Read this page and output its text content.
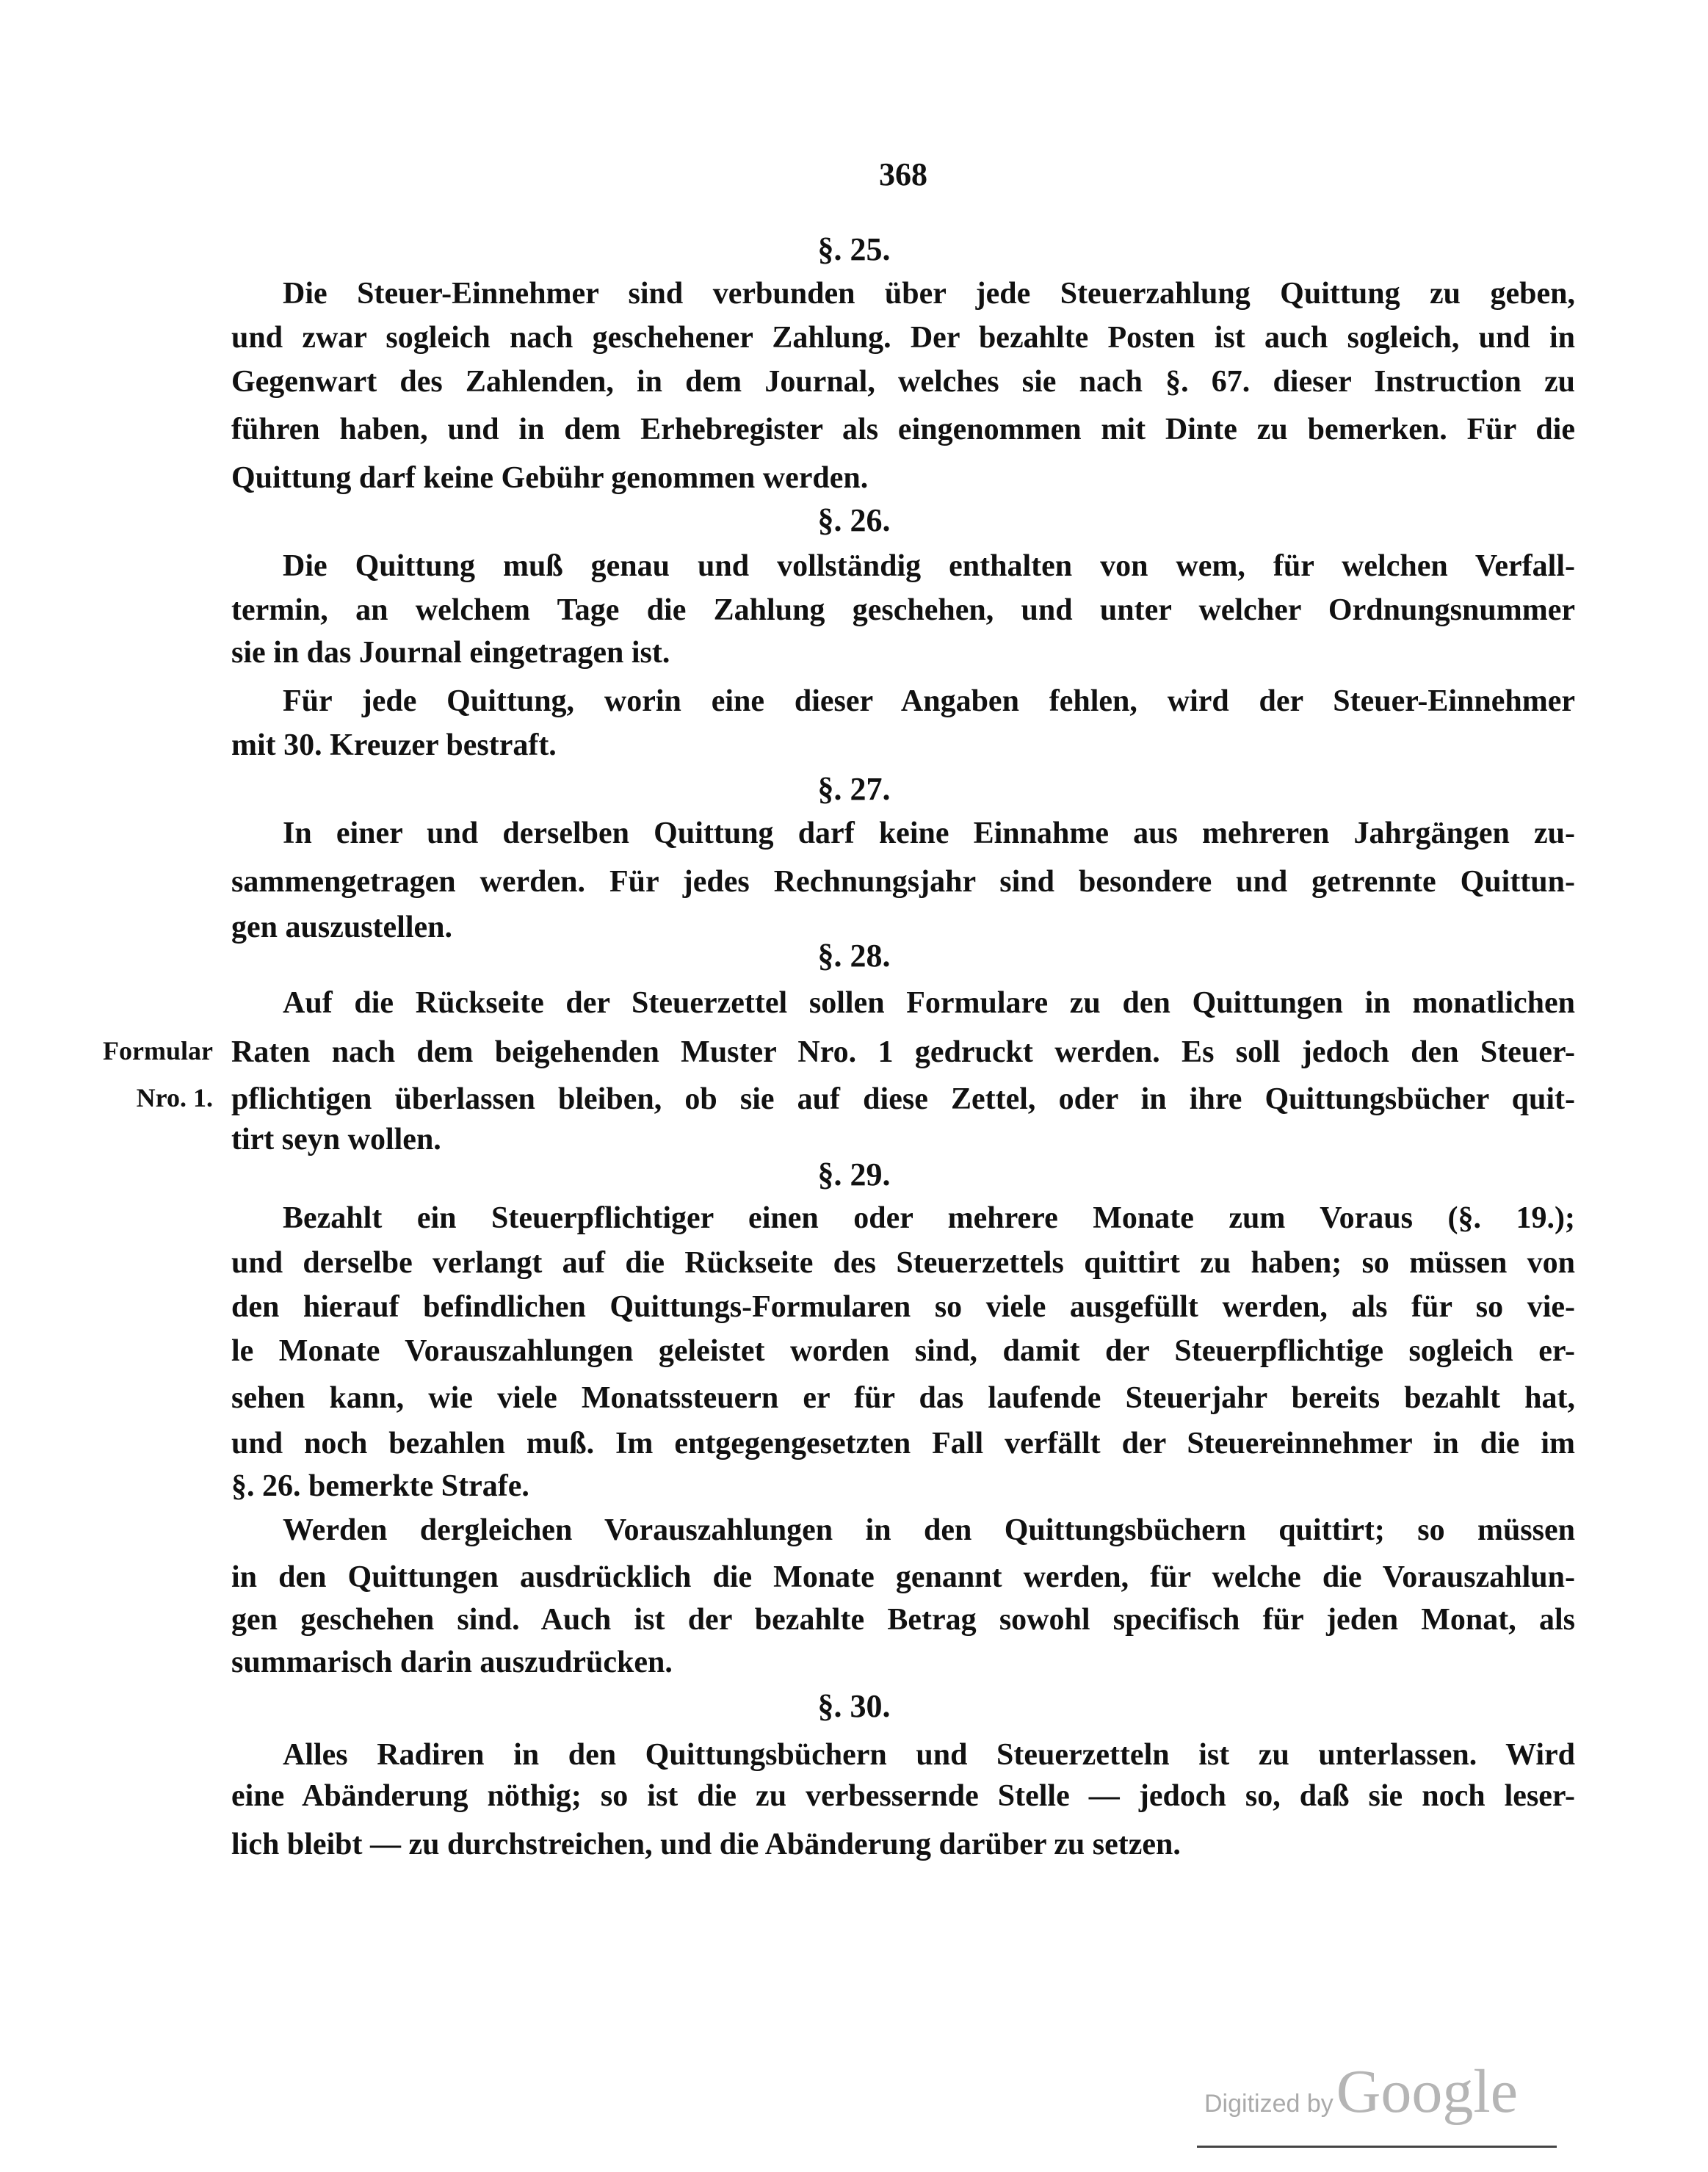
368
Formular
Nro. 1.
§. 25.
Die Steuer-Einnehmer sind verbunden über jede Steuerzahlung Quittung zu geben,
und zwar sogleich nach geschehener Zahlung. Der bezahlte Posten ist auch sogleich, und in
Gegenwart des Zahlenden, in dem Journal, welches sie nach §. 67. dieser Instruction zu
führen haben, und in dem Erhebregister als eingenommen mit Dinte zu bemerken. Für die
Quittung darf keine Gebühr genommen werden.
§. 26.
Die Quittung muß genau und vollständig enthalten von wem, für welchen Verfall-
termin, an welchem Tage die Zahlung geschehen, und unter welcher Ordnungsnummer
sie in das Journal eingetragen ist.
Für jede Quittung, worin eine dieser Angaben fehlen, wird der Steuer-Einnehmer
mit 30. Kreuzer bestraft.
§. 27.
In einer und derselben Quittung darf keine Einnahme aus mehreren Jahrgängen zu-
sammengetragen werden. Für jedes Rechnungsjahr sind besondere und getrennte Quittun-
gen auszustellen.
§. 28.
Auf die Rückseite der Steuerzettel sollen Formulare zu den Quittungen in monatlichen
Raten nach dem beigehenden Muster Nro. 1 gedruckt werden. Es soll jedoch den Steuer-
pflichtigen überlassen bleiben, ob sie auf diese Zettel, oder in ihre Quittungsbücher quit-
tirt seyn wollen.
§. 29.
Bezahlt ein Steuerpflichtiger einen oder mehrere Monate zum Voraus (§. 19.);
und derselbe verlangt auf die Rückseite des Steuerzettels quittirt zu haben; so müssen von
den hierauf befindlichen Quittungs-Formularen so viele ausgefüllt werden, als für so vie-
le Monate Vorauszahlungen geleistet worden sind, damit der Steuerpflichtige sogleich er-
sehen kann, wie viele Monatssteuern er für das laufende Steuerjahr bereits bezahlt hat,
und noch bezahlen muß. Im entgegengesetzten Fall verfällt der Steuereinnehmer in die im
§. 26. bemerkte Strafe.
Werden dergleichen Vorauszahlungen in den Quittungsbüchern quittirt; so müssen
in den Quittungen ausdrücklich die Monate genannt werden, für welche die Vorauszahlun-
gen geschehen sind. Auch ist der bezahlte Betrag sowohl specifisch für jeden Monat, als
summarisch darin auszudrücken.
§. 30.
Alles Radiren in den Quittungsbüchern und Steuerzetteln ist zu unterlassen. Wird
eine Abänderung nöthig; so ist die zu verbessernde Stelle — jedoch so, daß sie noch leser-
lich bleibt — zu durchstreichen, und die Abänderung darüber zu setzen.
Digitized by Google
